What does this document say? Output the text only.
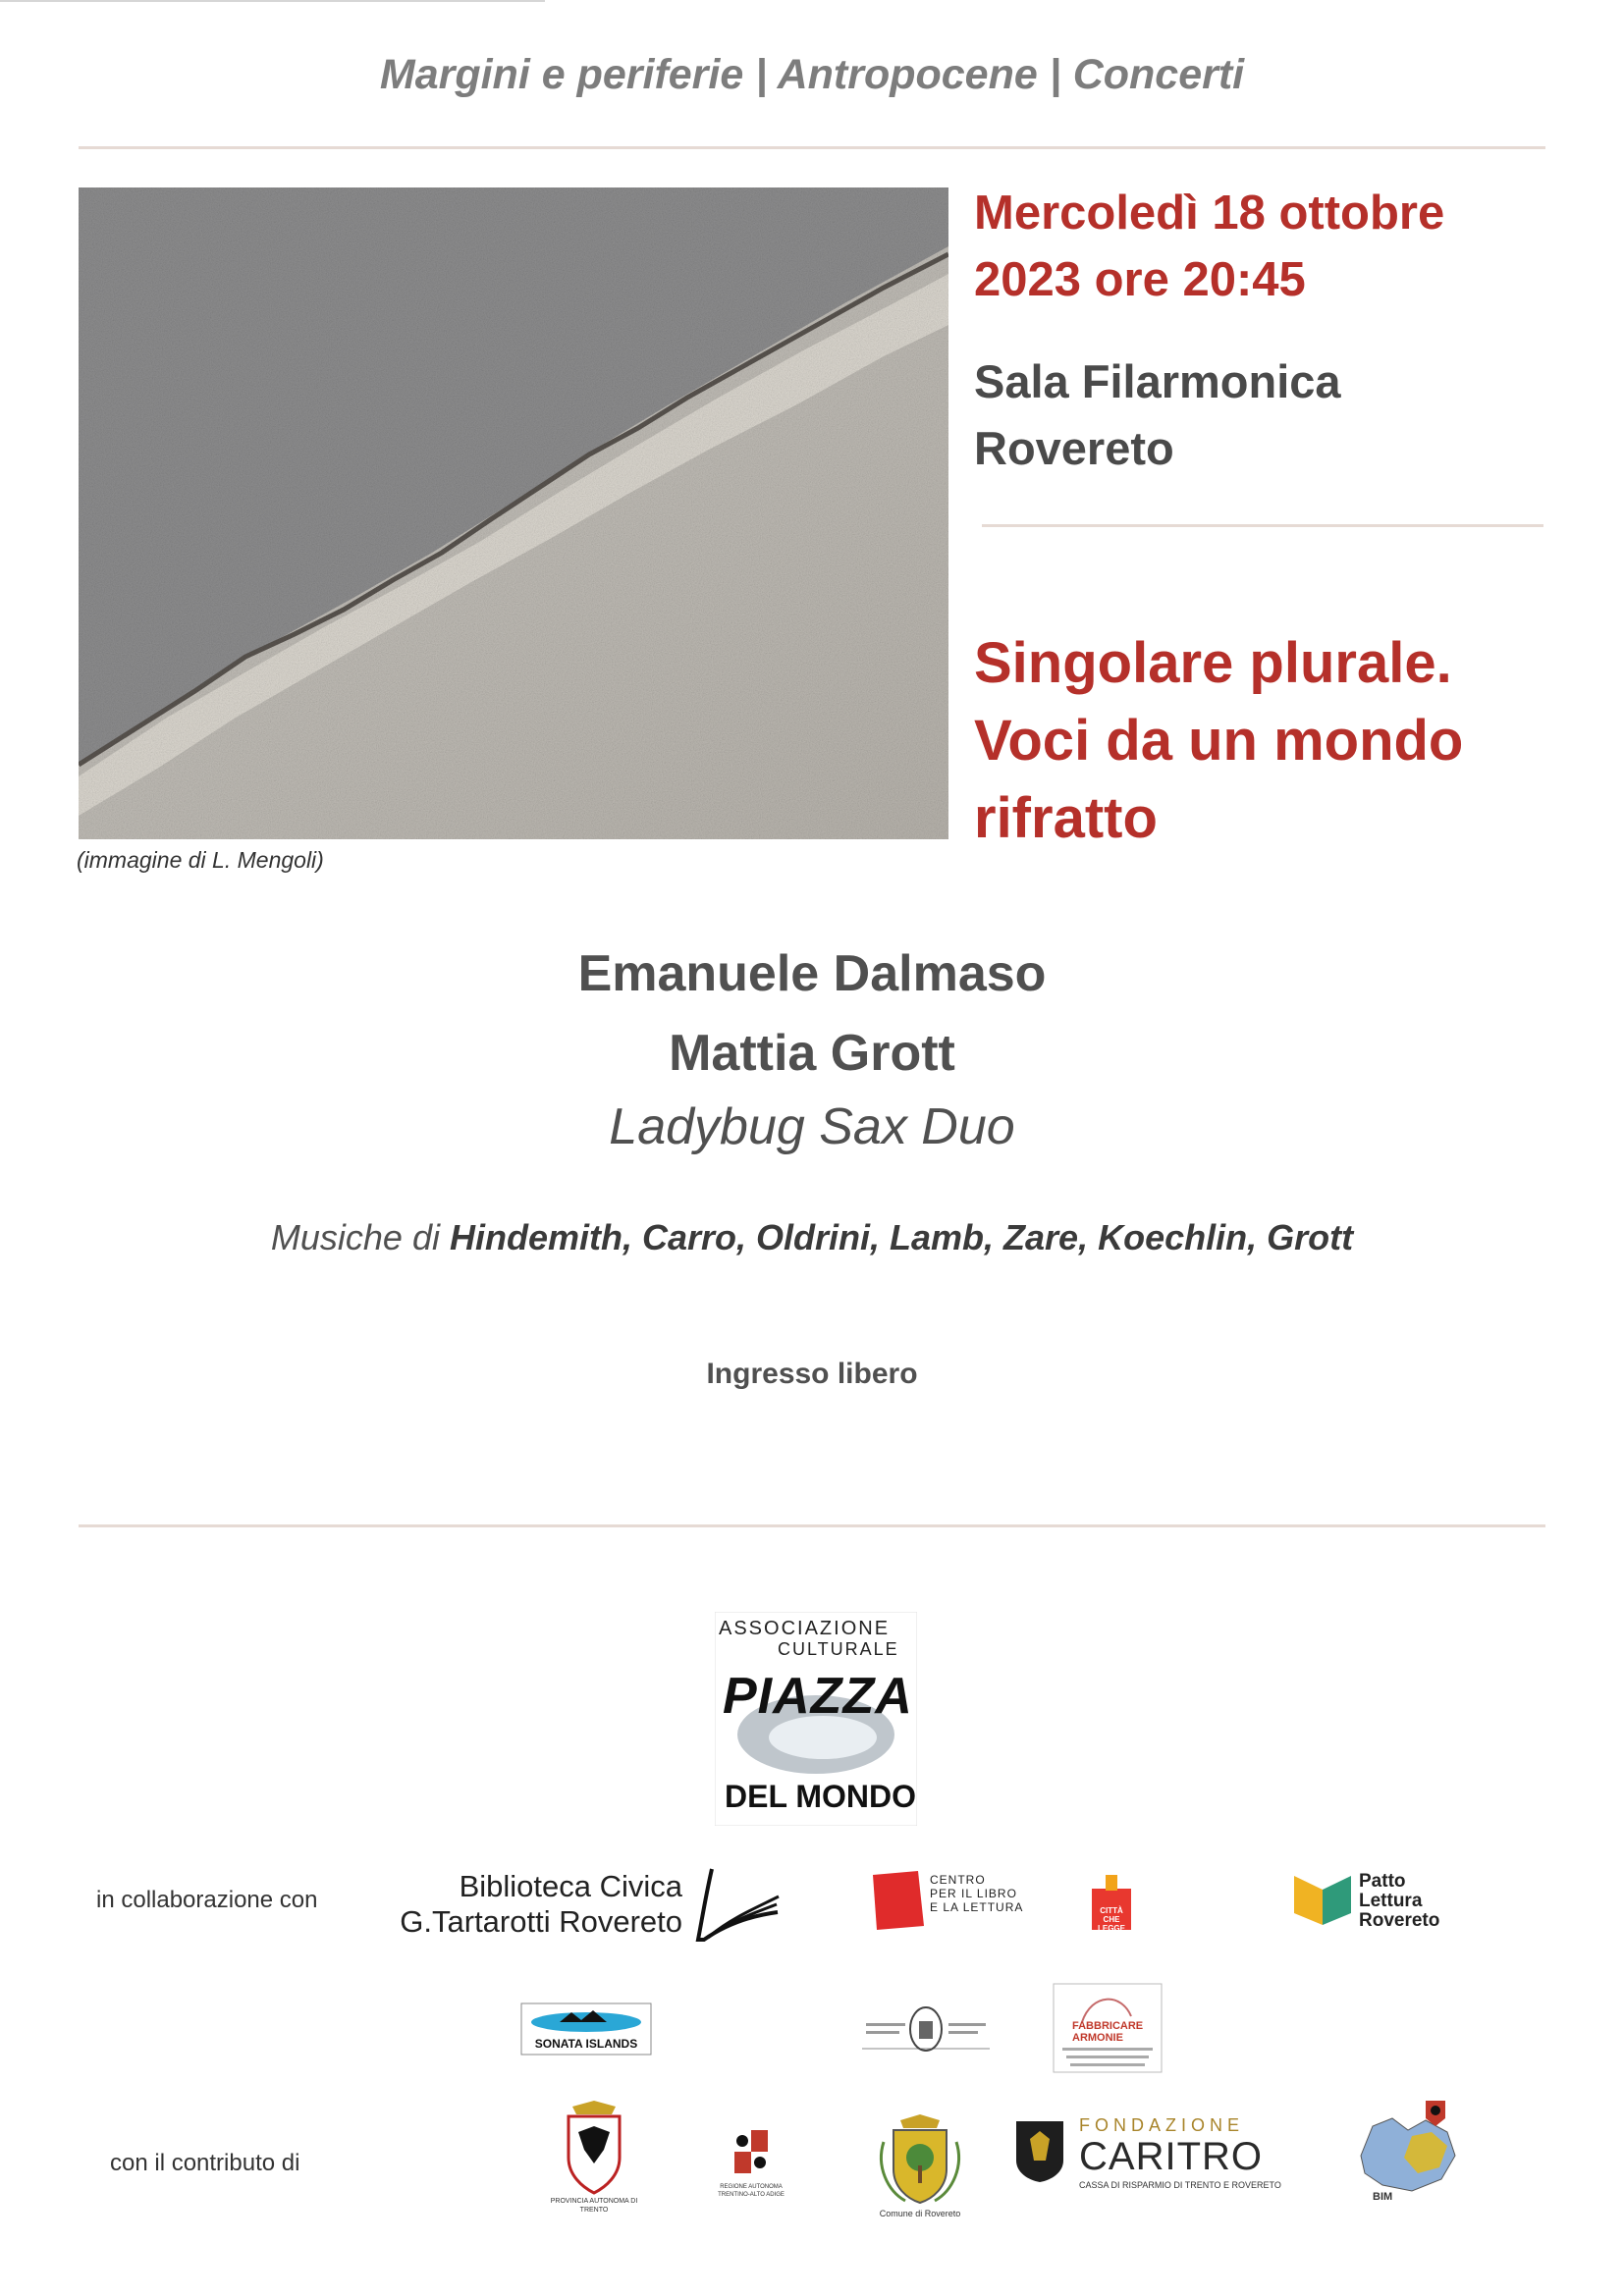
Margini e periferie | Antropocene | Concerti
(immagine di L. Mengoli)
Mercoledì 18 ottobre
2023 ore 20:45
Sala Filarmonica
Rovereto
Singolare plurale.
Voci da un mondo
rifratto
Emanuele Dalmaso
Mattia Grott
Ladybug Sax Duo
Musiche di Hindemith, Carro, Oldrini, Lamb, Zare, Koechlin, Grott
Ingresso libero
ASSOCIAZIONE
CULTURALE
PIAZZA
DEL MONDO
in collaborazione con	Biblioteca Civica
G.Tartarotti Rovereto
CENTRO
PER IL LIBRO
E LA LETTURA	CITTÀ CHE LEGGE
Patto
Lettura
Rovereto
SONATA ISLANDS
FABBRICARE
ARMONIE
con il contributo di
PROVINCIA AUTONOMA DI TRENTO
REGIONE AUTONOMA TRENTINO-ALTO ADIGE
Comune di Rovereto
FONDAZIONE
CARITRO
CASSA DI RISPARMIO DI TRENTO E ROVERETO
BIM
